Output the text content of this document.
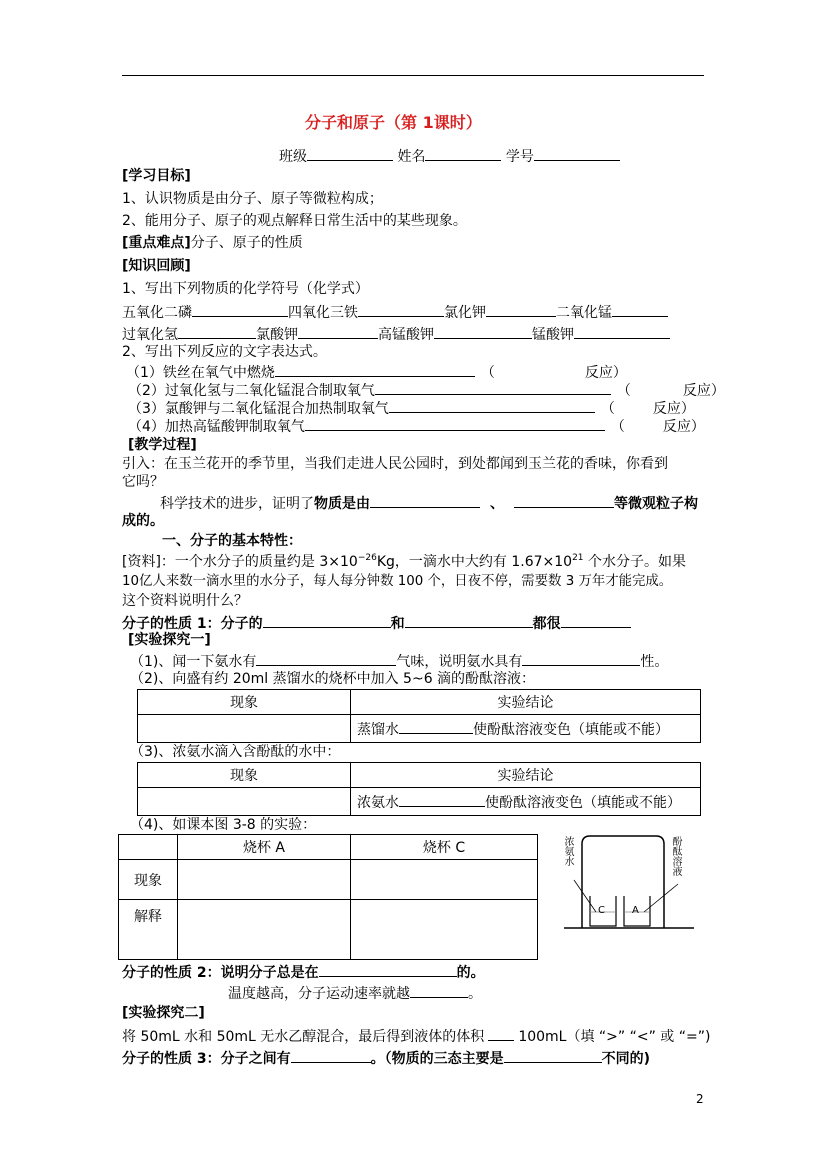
分子和原子（第 1课时）
班级	姓名	学号
[学习目标]
1、认识物质是由分子、原子等微粒构成；
2、能用分子、原子的观点解释日常生活中的某些现象。
[重点难点]分子、原子的性质
[知识回顾]
1、写出下列物质的化学符号（化学式）
五氧化二磷	四氧化三铁	氯化钾	二氧化锰
过氧化氢	氯酸钾	高锰酸钾	锰酸钾
2、写出下列反应的文字表达式。
（1）铁丝在氧气中燃烧	（	反应）
（2）过氧化氢与二氧化锰混合制取氧气	（	反应）
（3）氯酸钾与二氧化锰混合加热制取氧气	（	反应）
（4）加热高锰酸钾制取氧气	（	反应）
[教学过程]
引入：在玉兰花开的季节里，当我们走进人民公园时，到处都闻到玉兰花的香味，你看到
它吗？
科学技术的进步，证明了物质是由	、	等微观粒子构
成的。
一、分子的基本特性：
[资料]：一个水分子的质量约是 $3\times 10^{-26}Kg$，一滴水中大约有 $1.67\times 10^{21}$ 个水分子。如果
10亿人来数一滴水里的水分子，每人每分钟数 100 个，日夜不停，需要数 3 万年才能完成。
这个资料说明什么？
分子的性质 1：分子的	和	都很
[实验探究一]
（1)、闻一下氨水有	气味，说明氨水具有	性。
（2)、向盛有约 20ml 蒸馏水的烧杯中加入 5~6 滴的酚酞溶液：
现象	实验结论
	蒸馏水 使酚酞溶液变色（填能或不能）
（3)、浓氨水滴入含酚酞的水中：
现象	实验结论
	浓氨水 使酚酞溶液变色（填能或不能）
（4)、如课本图 3-8 的实验：
	烧杯 A	烧杯 C
现象		
解释		
浓氨水	酚酞溶液
C	A
分子的性质 2：说明分子总是在	的。
温度越高，分子运动速率就越	。
[实验探究二]
将 50mL 水和 50mL 无水乙醇混合，最后得到液体的体积 100mL（填 “>” “<” 或 “=”)
分子的性质 3：分子之间有	。（物质的三态主要是	不同的)
2
